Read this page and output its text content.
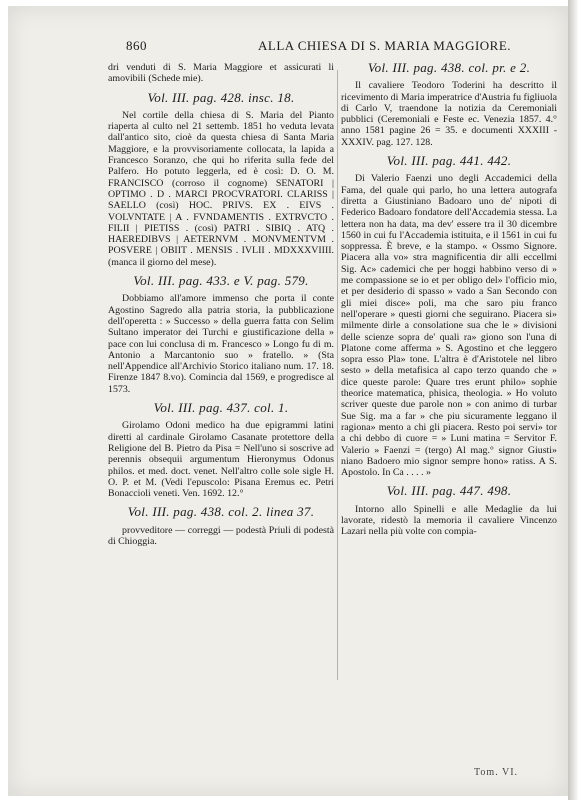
860	ALLA CHIESA DI S. MARIA MAGGIORE.

dri venduti di S. Maria Maggiore et assicurati li amovibili (Schede mie).

Vol. III. pag. 428. insc. 18.

Nel cortile della chiesa di S. Maria del Pianto riaperta al culto nel 21 settemb. 1851 ho veduta levata dall'antico sito, cioè da questa chiesa di Santa Maria Maggiore, e la provvisoriamente collocata, la lapida a Francesco Soranzo, che qui ho riferita sulla fede del Palfero. Ho potuto leggerla, ed è così: D. O. M. FRANCISCO (corroso il cognome) SENATORI | OPTIMO . D . MARCI PROCVRATORI. CLARISS | SAELLO (così) HOC. PRIVS. EX . EIVS . VOLVNTATE | A . FVNDAMENTIS . EXTRVCTO . FILII | PIETISS . (così) PATRI . SIBIQ . ATQ . HAEREDIBVS | AETERNVM . MONVMENTVM . POSVERE | OBIIT . MENSIS . IVLII . MDXXXVIIII. (manca il giorno del mese).

Vol. III. pag. 433. e V. pag. 579.

Dobbiamo all'amore immenso che porta il conte Agostino Sagredo alla patria storia, la pubblicazione dell'operetta : » Successo » della guerra fatta con Selim Sultano imperator dei Turchi e giustificazione della » pace con lui conclusa di m. Francesco » Longo fu di m. Antonio a Marcantonio suo » fratello. » (Sta nell'Appendice all'Archivio Storico italiano num. 17. 18. Firenze 1847 8.vo). Comincia dal 1569, e progredisce al 1573.

Vol. III. pag. 437. col. 1.

Girolamo Odoni medico ha due epigrammi latini diretti al cardinale Girolamo Casanate protettore della Religione del B. Pietro da Pisa = Nell'uno si soscrive ad perennis obsequii argumentum Hieronymus Odonus philos. et med. doct. venet. Nell'altro colle sole sigle H. O. P. et M. (Vedi l'epuscolo: Pisana Eremus ec. Petri Bonaccioli veneti. Ven. 1692. 12.°

Vol. III. pag. 438. col. 2. linea 37.

provveditore — correggi — podestà Priuli di podestà di Chioggia.

Vol. III. pag. 438. col. pr. e 2.

Il cavaliere Teodoro Toderini ha descritto il ricevimento di Maria imperatrice d'Austria fu figliuola di Carlo V, traendone la notizia da Ceremoniali pubblici (Ceremoniali e Feste ec. Venezia 1857. 4.° anno 1581 pagine 26 = 35. e documenti XXXIII - XXXIV. pag. 127. 128.

Vol. III. pag. 441. 442.

Di Valerio Faenzi uno degli Accademici della Fama, del quale qui parlo, ho una lettera autografa diretta a Giustiniano Badoaro uno de' nipoti di Federico Badoaro fondatore dell'Accademia stessa. La lettera non ha data, ma dev' essere tra il 30 dicembre 1560 in cui fu l'Accademia istituita, e il 1561 in cui fu soppressa. È breve, e la stampo. « Ossmo Signore. Piacera alla vo» stra magnificentia dir alli eccellmi Sig. Ac» cademici che per hoggi habbino verso di » me compassione se io et per obligo del» l'officio mio, et per desiderio di spasso » vado a San Secondo con gli miei disce» poli, ma che saro piu franco nell'operare » questi giorni che seguirano. Piacera si» milmente dirle a consolatione sua che le » divisioni delle scienze sopra de' quali ra» giono son l'una di Platone come afferma » S. Agostino et che leggero sopra esso Pla» tone. L'altra è d'Aristotele nel libro sesto » della metafisica al capo terzo quando che » dice queste parole: Quare tres erunt philo» sophie theorice matematica, phisica, theologia. » Ho voluto scriver queste due parole non » con animo di turbar Sue Sig. ma a far » che piu sicuramente leggano il ragiona» mento a chi gli piacera. Resto poi servi» tor a chi debbo di cuore = » Luni matina = Servitor F. Valerio » Faenzi = (tergo) Al mag.° signor Giusti» niano Badoero mio signor sempre hono» ratiss. A S. Apostolo. In Ca . . . . »

Vol. III. pag. 447. 498.

Intorno allo Spinelli e alle Medaglie da lui lavorate, ridestò la memoria il cavaliere Vincenzo Lazari nella più volte con compia-

Tom. VI.
